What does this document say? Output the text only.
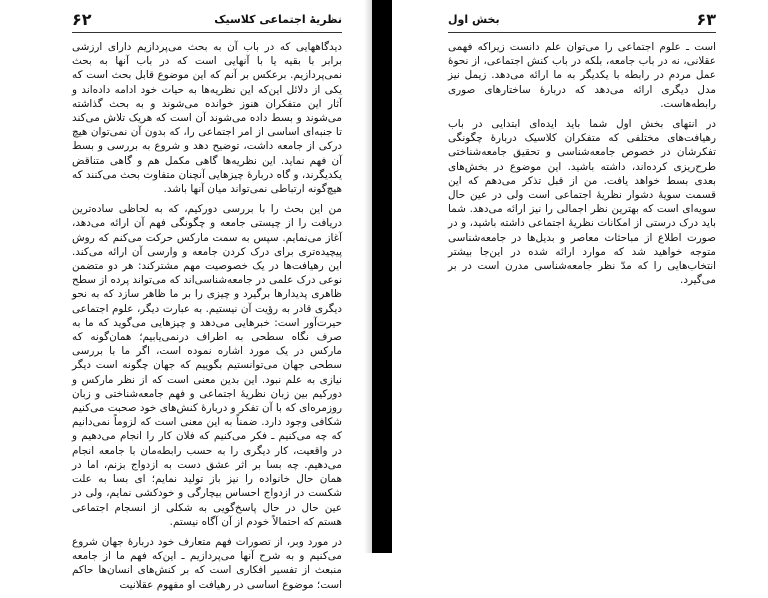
نظریهٔ اجتماعی کلاسیک
۶۲

دیدگاههایی که در باب آن به بحث می‌پردازیم دارای ارزشی برابر با بقیه یا با آنهایی است که در باب آنها به بحث نمی‌پردازیم. برعکس بر آنم که این موضوع قابل بحث است که یکی از دلائل این‌که این نظریه‌ها به حیات خود ادامه داده‌اند و آثار این متفکران هنوز خوانده می‌شوند و به بحث گذاشته می‌شوند و بسط داده می‌شوند آن است که هریک تلاش می‌کند تا جنبه‌ای اساسی از امر اجتماعی را، که بدون آن نمی‌توان هیچ درکی از جامعه داشت، توضیح دهد و شروع به بررسی و بسط آن فهم نماید. این نظریه‌ها گاهی مکمل هم و گاهی متناقض یکدیگرند، و گاه دربارهٔ چیزهایی آنچنان متفاوت بحث می‌کنند که هیچ‌گونه ارتباطی نمی‌تواند میان آنها باشد.

من این بحث را با بررسی دورکیم، که به لحاظی ساده‌ترین دریافت را از چیستی جامعه و چگونگی فهم آن ارائه می‌دهد، آغاز می‌نمایم. سپس به سمت مارکس حرکت می‌کنم که روش پیچیده‌تری برای درک کردن جامعه و وارسی آن ارائه می‌کند. این رهیافت‌ها در یک خصوصیت مهم مشترکند: هر دو متضمن نوعی درک علمی در جامعه‌شناسی‌اند که می‌تواند پرده از سطح ظاهری پدیدارها برگیرد و چیزی را بر ما ظاهر سازد که به نحو دیگری قادر به رؤیت آن نیستیم. به عبارت دیگر، علوم اجتماعی حیرت‌آور است: خبرهایی می‌دهد و چیزهایی می‌گوید که ما به صرف نگاه سطحی به اطراف درنمی‌یابیم؛ همان‌گونه که مارکس در یک مورد اشاره نموده است، اگر ما با بررسی سطحی جهان می‌توانستیم بگوییم که جهان چگونه است دیگر نیازی به علم نبود. این بدین معنی است که از نظر مارکس و دورکیم بین زبان نظریهٔ اجتماعی و فهم جامعه‌شناختی و زبان روزمره‌ای که با آن تفکر و دربارهٔ کنش‌های خود صحبت می‌کنیم شکافی وجود دارد. ضمناً به این معنی است که لزوماً نمی‌دانیم که چه می‌کنیم ـ فکر می‌کنیم که فلان کار را انجام می‌دهیم و در واقعیت، کار دیگری را به حسب رابطه‌مان با جامعه انجام می‌دهیم. چه بسا بر اثر عشق دست به ازدواج بزنم، اما در همان حال خانواده را نیز باز تولید نمایم؛ ای بسا به علت شکست در ازدواج احساس بیچارگی و خودکشی نمایم، ولی در عین حال در حال پاسخ‌گویی به شکلی از انسجام اجتماعی هستم که احتمالاً خودم از آن آگاه نیستم.

در مورد وبر، از تصورات فهم متعارف خود دربارهٔ جهان شروع می‌کنیم و به شرح آنها می‌پردازیم ـ این‌که فهم ما از جامعه منبعث از تفسیر افکاری است که بر کنش‌های انسان‌ها حاکم است؛ موضوع اساسی در رهیافت او مفهوم عقلانیت

۶۳
بخش اول

است ـ علوم اجتماعی را می‌توان علم دانست زیراکه فهمی عقلانی، نه در باب جامعه، بلکه در باب کنش اجتماعی، از نحوهٔ عمل مردم در رابطه با یکدیگر به ما ارائه می‌دهد. زیمل نیز مدل دیگری ارائه می‌دهد که دربارهٔ ساختارهای صوری رابطه‌هاست.

در انتهای بخش اول شما باید ایده‌ای ابتدایی در باب رهیافت‌های مختلفی که متفکران کلاسیک دربارهٔ چگونگی تفکرشان در خصوص جامعه‌شناسی و تحقیق جامعه‌شناختی طرح‌ریزی کرده‌اند، داشته باشید. این موضوع در بخش‌های بعدی بسط خواهد یافت. من از قبل تذکر می‌دهم که این قسمت سویهٔ دشوار نظریهٔ اجتماعی است ولی در عین حال سویه‌ای است که بهترین نظر اجمالی را نیز ارائه می‌دهد. شما باید درک درستی از امکانات نظریهٔ اجتماعی داشته باشید، و در صورت اطلاع از مباحثات معاصر و بدیل‌ها در جامعه‌شناسی متوجه خواهید شد که موارد ارائه شده در این‌جا بیشتر انتخاب‌هایی را که مدّ نظر جامعه‌شناسی مدرن است در بر می‌گیرد.
